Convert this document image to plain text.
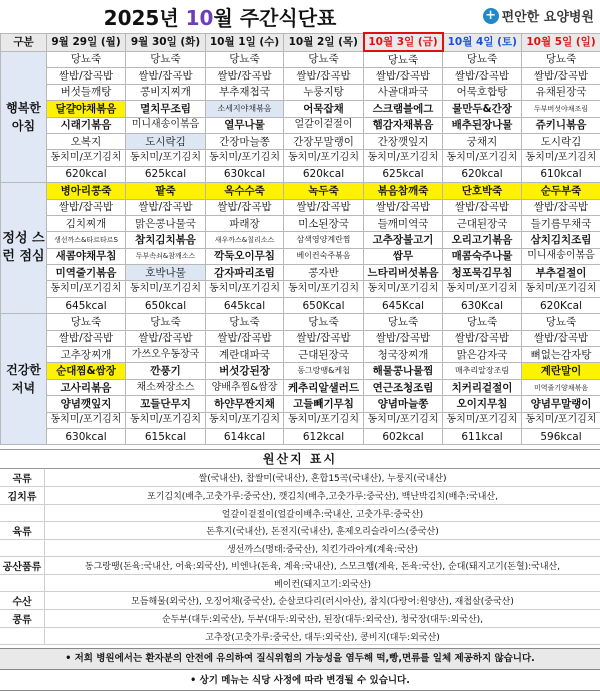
2025년 10월 주간식단표	+ 편안한 요양병원
구분	9월 29일 (월)	9월 30일 (화)	10월 1일 (수)	10월 2일 (목)	10월 3일 (금)	10월 4일 (토)	10월 5일 (일)
행복한 아침	당뇨죽	당뇨죽	당뇨죽	당뇨죽	당뇨죽	당뇨죽	당뇨죽
	쌀밥/잡곡밥	쌀밥/잡곡밥	쌀밥/잡곡밥	쌀밥/잡곡밥	쌀밥/잡곡밥	쌀밥/잡곡밥	쌀밥/잡곡밥
	버섯들깨탕	콩비지찌개	부추재첩국	누룽지탕	사골대파국	어묵호합탕	유채된장국
	달걀야채볶음	멸치무조림	소세지야채볶음	어묵잡채	스크램블에그	물만두&간장	두부버섯야채조림
	시래기볶음	미니새송이볶음	열무나물	얼갈이겉절이	햄감자채볶음	배추된장나물	쥬키니볶음
	오복지	도시락김	간장마늘쫑	간장무말랭이	간장깻잎지	궁채지	도시락김
	동치미/포기김치	동치미/포기김치	동치미/포기김치	동치미/포기김치	동치미/포기김치	동치미/포기김치	동치미/포기김치
	620kcal	625kcal	630kcal	620kcal	625kcal	620kcal	610kcal
정성 스런 점심	병아리콩죽	팥죽	옥수수죽	녹두죽	볶음참깨죽	단호박죽	순두부죽
	쌀밥/잡곡밥	쌀밥/잡곡밥	쌀밥/잡곡밥	쌀밥/잡곡밥	쌀밥/잡곡밥	쌀밥/잡곡밥	쌀밥/잡곡밥
	김치찌개	맑은콩나물국	파래장	미소된장국	들깨미역국	근대된장국	들기름무채국
	생선까스&타르타르S	참치김치볶음	새우까스&칠리소스	삼색영양계란찜	고추장불고기	오리고기볶음	삼치김치조림
	새콤야채무침	두부속쇠&참깨소스	깍둑오이무침	베이컨숙주볶음	쌈무	매콤숙주나물	미니새송이볶음
	미역줄기볶음	호박나물	감자파리조림	콩자반	느타리버섯볶음	청포묵김무침	부추겉절이
	동치미/포기김치	동치미/포기김치	동치미/포기김치	동치미/포기김치	동치미/포기김치	동치미/포기김치	동치미/포기김치
	645kcal	650kcal	645kcal	650Kcal	645Kcal	630Kcal	620Kcal
건강한 저녁	당뇨죽	당뇨죽	당뇨죽	당뇨죽	당뇨죽	당뇨죽	당뇨죽
	쌀밥/잡곡밥	쌀밥/잡곡밥	쌀밥/잡곡밥	쌀밥/잡곡밥	쌀밥/잡곡밥	쌀밥/잡곡밥	쌀밥/잡곡밥
	고추장찌개	가쓰오우동장국	계란대파국	근대된장국	청국장찌개	맑은감자국	뼈없는감자탕
	순대찜&쌈장	깐풍기	버섯강된장	동그랑땡&케첩	해물콩나물찜	매추리알장조림	계란말이
	고사리볶음	채소짜장소스	양배추찜&쌈장	케추리알샐러드	연근조청조림	치커리겉절이	미역줄기양채볶음
	양념깻잎지	꼬들단무지	하얀무짠지채	고들빼기무침	양념마늘쫑	오이지무침	양념무말랭이
	동치미/포기김치	동치미/포기김치	동치미/포기김치	동치미/포기김치	동치미/포기김치	동치미/포기김치	동치미/포기김치
	630kcal	615kcal	614kcal	612kcal	602kcal	611kcal	596kcal
원산지 표시
곡류	쌀(국내산), 찹쌀미(국내산), 혼합15곡(국내산), 누룽지(국내산)
김치류	포기김치(배추,고춧가루:중국산), 깻김치(배추,고춧가루:중국산), 백난박김치(배추:국내산,
	얼갈이겉절이(얼갈이배추:국내산, 고춧가루:중국산)
육류	돈후지(국내산), 돈전지(국내산), 훈제오리슬라이스(중국산)
	생선까스(명태:중국산), 치킨가라아게(계육:국산)
공산품류	동그랑땡(돈육:국내산, 어육:외국산), 비엔나(돈육, 계육:국내산), 스모크햄(계육, 돈육:국산), 순대(돼지고기(돈혈):국내산,
	베이컨(돼지고기:외국산)
수산	모듬해물(외국산), 오징어채(중국산), 순살코다리(러시아산), 참치(다랑어:원양산), 재첩살(중국산)
콩류	순두부(대두:외국산), 두부(대두:외국산), 된장(대두:외국산), 청국장(대두:외국산),
	고추장(고춧가루:중국산, 대두:외국산), 콩비지(대두:외국산)
• 저희 병원에서는 환자분의 안전에 유의하여 질식위험의 가능성을 염두해 떡,빵,면류를 일체 제공하지 않습니다.
• 상기 메뉴는 식당 사정에 따라 변경될 수 있습니다.
